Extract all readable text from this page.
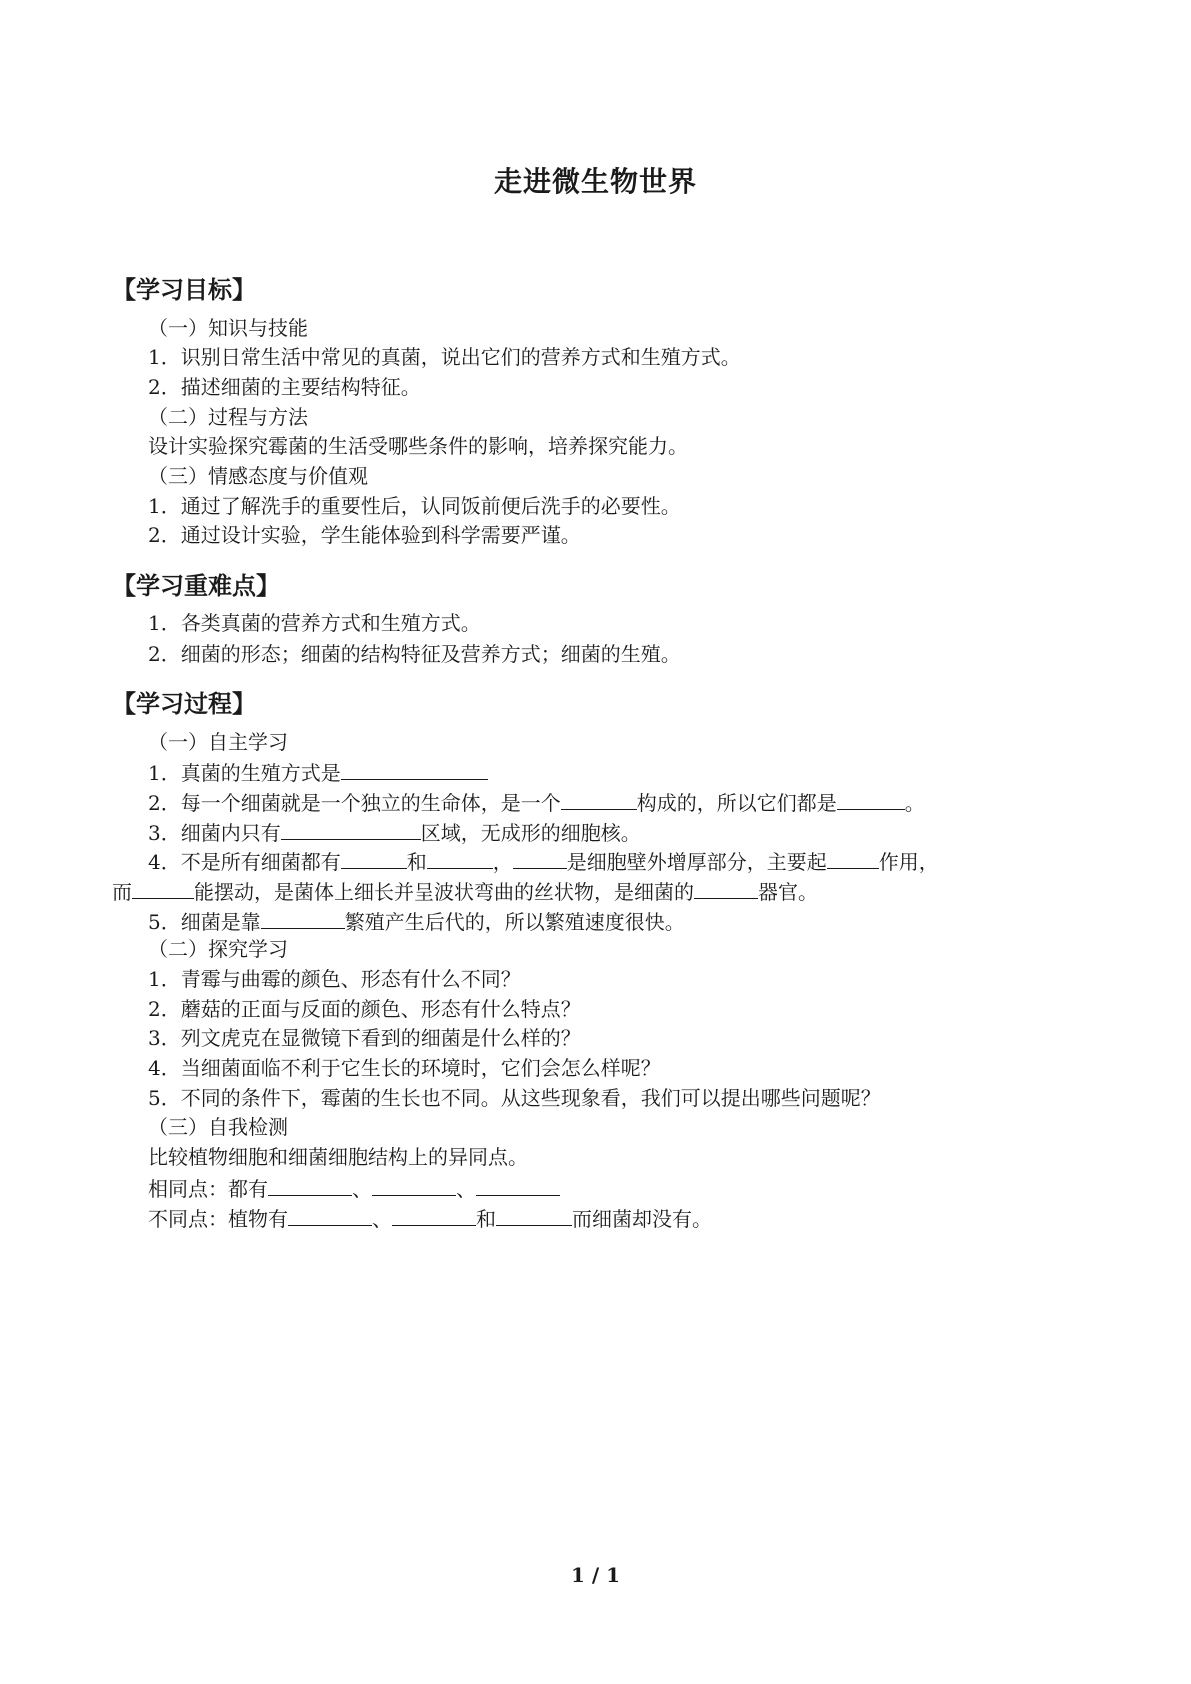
走进微生物世界
【学习目标】
（一）知识与技能
1．识别日常生活中常见的真菌，说出它们的营养方式和生殖方式。
2．描述细菌的主要结构特征。
（二）过程与方法
设计实验探究霉菌的生活受哪些条件的影响，培养探究能力。
（三）情感态度与价值观
1．通过了解洗手的重要性后，认同饭前便后洗手的必要性。
2．通过设计实验，学生能体验到科学需要严谨。
【学习重难点】
1．各类真菌的营养方式和生殖方式。
2．细菌的形态；细菌的结构特征及营养方式；细菌的生殖。
【学习过程】
（一）自主学习
1．真菌的生殖方式是
2．每一个细菌就是一个独立的生命体，是一个	构成的，所以它们都是	。
3．细菌内只有	区域，无成形的细胞核。
4．不是所有细菌都有	和	，	是细胞壁外增厚部分，主要起	作用，
而	能摆动，是菌体上细长并呈波状弯曲的丝状物，是细菌的	器官。
5．细菌是靠	繁殖产生后代的，所以繁殖速度很快。
（二）探究学习
1．青霉与曲霉的颜色、形态有什么不同？
2．蘑菇的正面与反面的颜色、形态有什么特点？
3．列文虎克在显微镜下看到的细菌是什么样的？
4．当细菌面临不利于它生长的环境时，它们会怎么样呢？
5．不同的条件下，霉菌的生长也不同。从这些现象看，我们可以提出哪些问题呢？
（三）自我检测
比较植物细胞和细菌细胞结构上的异同点。
相同点：都有	、	、
不同点：植物有	、	和	而细菌却没有。
1 / 1
